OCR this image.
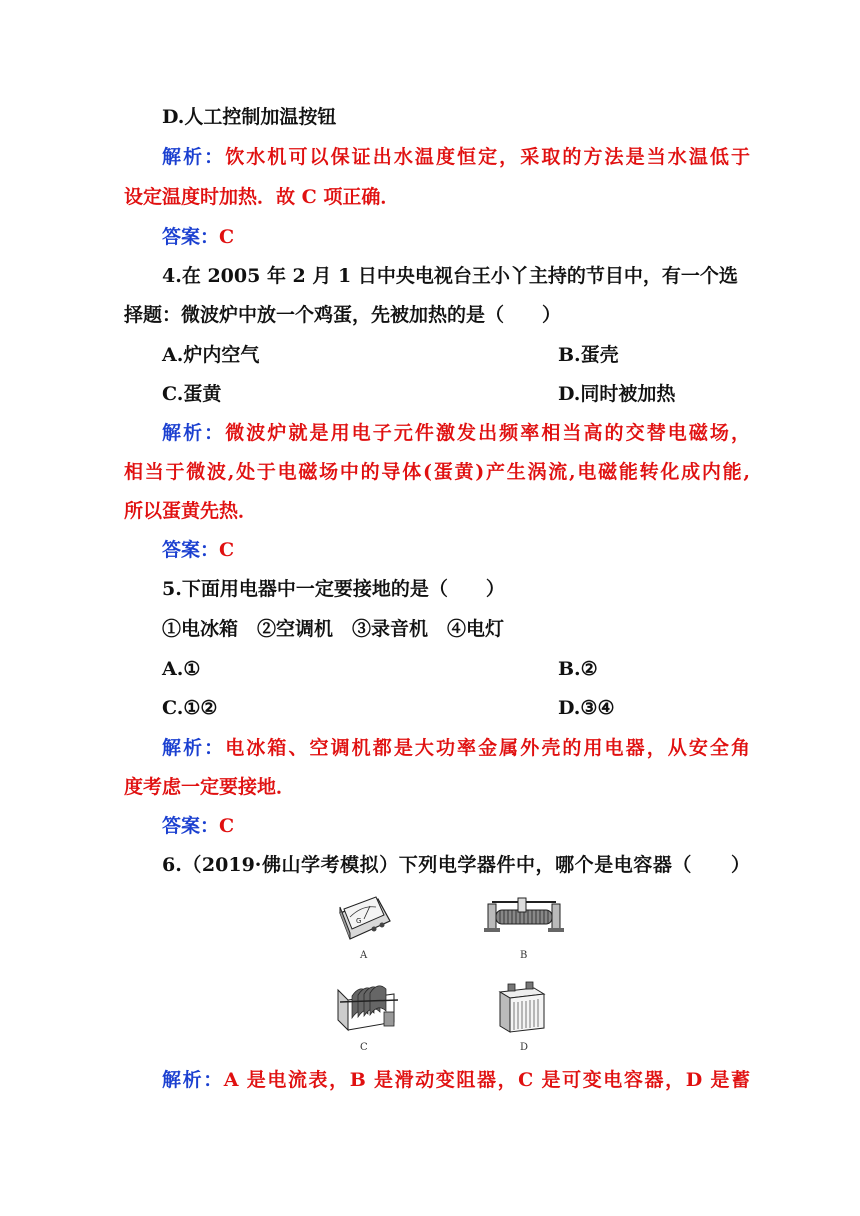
D.人工控制加温按钮
解析：饮水机可以保证出水温度恒定，采取的方法是当水温低于
设定温度时加热．故 C 项正确．
答案：C
4.在 2005 年 2 月 1 日中央电视台王小丫主持的节目中，有一个选
择题：微波炉中放一个鸡蛋，先被加热的是（　　）
A.炉内空气	B.蛋壳
C.蛋黄	D.同时被加热
解析：微波炉就是用电子元件激发出频率相当高的交替电磁场，
相当于微波,处于电磁场中的导体(蛋黄)产生涡流,电磁能转化成内能,
所以蛋黄先热．
答案：C
5.下面用电器中一定要接地的是（　　）
①电冰箱　②空调机　③录音机　④电灯
A.①	B.②
C.①②	D.③④
解析：电冰箱、空调机都是大功率金属外壳的用电器，从安全角
度考虑一定要接地．
答案：C
6.（2019·佛山学考模拟）下列电学器件中，哪个是电容器（　　）
G
A	B
C	D
解析：A 是电流表，B 是滑动变阻器，C 是可变电容器，D 是蓄
